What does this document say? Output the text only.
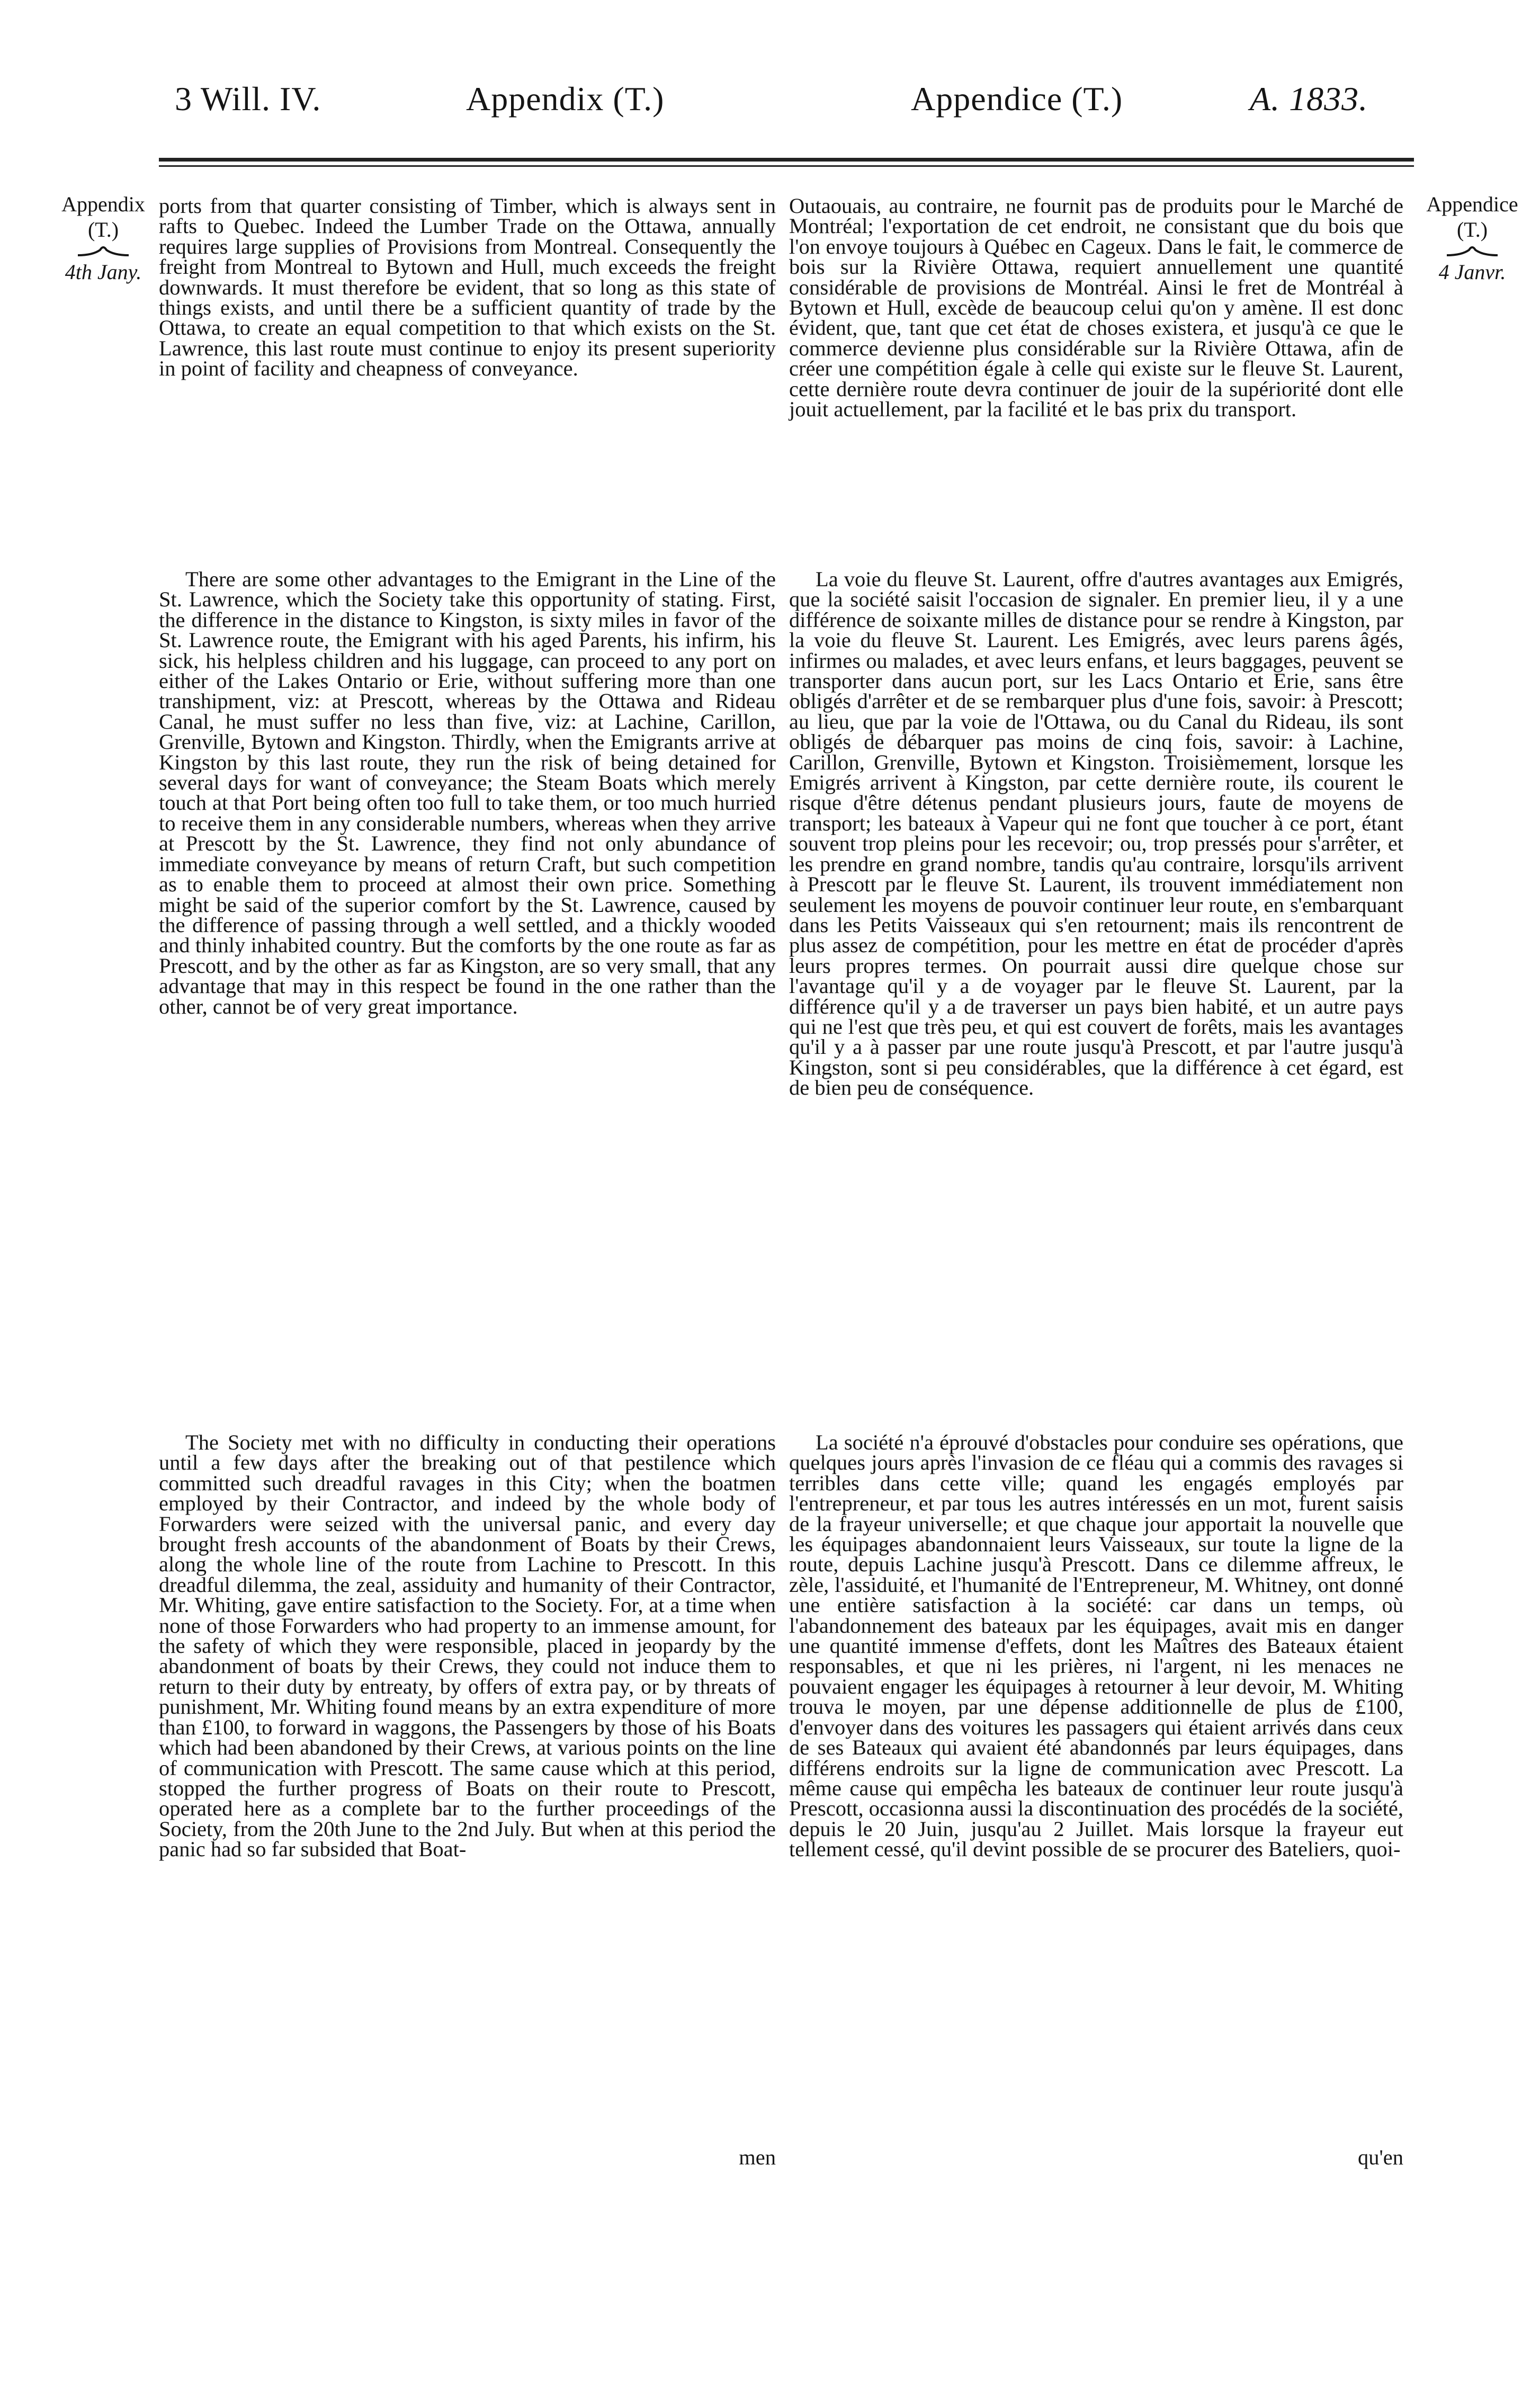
3 Will. IV.	Appendix (T.)	Appendice (T.)	A. 1833.
Appendix
(T.)
4th Jany.
Appendice
(T.)
4 Janvr.

ports from that quarter consisting of Timber, which is always sent in rafts to Quebec. Indeed the Lumber Trade on the Ottawa, annually requires large supplies of Provisions from Montreal. Consequently the freight from Montreal to Bytown and Hull, much exceeds the freight downwards. It must therefore be evident, that so long as this state of things exists, and until there be a sufficient quantity of trade by the Ottawa, to create an equal competition to that which exists on the St. Lawrence, this last route must continue to enjoy its present superiority in point of facility and cheapness of conveyance.

There are some other advantages to the Emigrant in the Line of the St. Lawrence, which the Society take this opportunity of stating. First, the difference in the distance to Kingston, is sixty miles in favor of the St. Lawrence route, the Emigrant with his aged Parents, his infirm, his sick, his helpless children and his luggage, can proceed to any port on either of the Lakes Ontario or Erie, without suffering more than one transhipment, viz: at Prescott, whereas by the Ottawa and Rideau Canal, he must suffer no less than five, viz: at Lachine, Carillon, Grenville, Bytown and Kingston. Thirdly, when the Emigrants arrive at Kingston by this last route, they run the risk of being detained for several days for want of conveyance; the Steam Boats which merely touch at that Port being often too full to take them, or too much hurried to receive them in any considerable numbers, whereas when they arrive at Prescott by the St. Lawrence, they find not only abundance of immediate conveyance by means of return Craft, but such competition as to enable them to proceed at almost their own price. Something might be said of the superior comfort by the St. Lawrence, caused by the difference of passing through a well settled, and a thickly wooded and thinly inhabited country. But the comforts by the one route as far as Prescott, and by the other as far as Kingston, are so very small, that any advantage that may in this respect be found in the one rather than the other, cannot be of very great importance.

The Society met with no difficulty in conducting their operations until a few days after the breaking out of that pestilence which committed such dreadful ravages in this City; when the boatmen employed by their Contractor, and indeed by the whole body of Forwarders were seized with the universal panic, and every day brought fresh accounts of the abandonment of Boats by their Crews, along the whole line of the route from Lachine to Prescott. In this dreadful dilemma, the zeal, assiduity and humanity of their Contractor, Mr. Whiting, gave entire satisfaction to the Society. For, at a time when none of those Forwarders who had property to an immense amount, for the safety of which they were responsible, placed in jeopardy by the abandonment of boats by their Crews, they could not induce them to return to their duty by entreaty, by offers of extra pay, or by threats of punishment, Mr. Whiting found means by an extra expenditure of more than £100, to forward in waggons, the Passengers by those of his Boats which had been abandoned by their Crews, at various points on the line of communication with Prescott. The same cause which at this period, stopped the further progress of Boats on their route to Prescott, operated here as a complete bar to the further proceedings of the Society, from the 20th June to the 2nd July. But when at this period the panic had so far subsided that Boat-

men

Outaouais, au contraire, ne fournit pas de produits pour le Marché de Montréal; l'exportation de cet endroit, ne consistant que du bois que l'on envoye toujours à Québec en Cageux. Dans le fait, le commerce de bois sur la Rivière Ottawa, requiert annuellement une quantité considérable de provisions de Montréal. Ainsi le fret de Montréal à Bytown et Hull, excède de beaucoup celui qu'on y amène. Il est donc évident, que, tant que cet état de choses existera, et jusqu'à ce que le commerce devienne plus considérable sur la Rivière Ottawa, afin de créer une compétition égale à celle qui existe sur le fleuve St. Laurent, cette dernière route devra continuer de jouir de la supériorité dont elle jouit actuellement, par la facilité et le bas prix du transport.

La voie du fleuve St. Laurent, offre d'autres avantages aux Emigrés, que la société saisit l'occasion de signaler. En premier lieu, il y a une différence de soixante milles de distance pour se rendre à Kingston, par la voie du fleuve St. Laurent. Les Emigrés, avec leurs parens âgés, infirmes ou malades, et avec leurs enfans, et leurs baggages, peuvent se transporter dans aucun port, sur les Lacs Ontario et Erie, sans être obligés d'arrêter et de se rembarquer plus d'une fois, savoir: à Prescott; au lieu, que par la voie de l'Ottawa, ou du Canal du Rideau, ils sont obligés de débarquer pas moins de cinq fois, savoir: à Lachine, Carillon, Grenville, Bytown et Kingston. Troisièmement, lorsque les Emigrés arrivent à Kingston, par cette dernière route, ils courent le risque d'être détenus pendant plusieurs jours, faute de moyens de transport; les bateaux à Vapeur qui ne font que toucher à ce port, étant souvent trop pleins pour les recevoir; ou, trop pressés pour s'arrêter, et les prendre en grand nombre, tandis qu'au contraire, lorsqu'ils arrivent à Prescott par le fleuve St. Laurent, ils trouvent immédiatement non seulement les moyens de pouvoir continuer leur route, en s'embarquant dans les Petits Vaisseaux qui s'en retournent; mais ils rencontrent de plus assez de compétition, pour les mettre en état de procéder d'après leurs propres termes. On pourrait aussi dire quelque chose sur l'avantage qu'il y a de voyager par le fleuve St. Laurent, par la différence qu'il y a de traverser un pays bien habité, et un autre pays qui ne l'est que très peu, et qui est couvert de forêts, mais les avantages qu'il y a à passer par une route jusqu'à Prescott, et par l'autre jusqu'à Kingston, sont si peu considérables, que la différence à cet égard, est de bien peu de conséquence.

La société n'a éprouvé d'obstacles pour conduire ses opérations, que quelques jours après l'invasion de ce fléau qui a commis des ravages si terribles dans cette ville; quand les engagés employés par l'entrepreneur, et par tous les autres intéressés en un mot, furent saisis de la frayeur universelle; et que chaque jour apportait la nouvelle que les équipages abandonnaient leurs Vaisseaux, sur toute la ligne de la route, depuis Lachine jusqu'à Prescott. Dans ce dilemme affreux, le zèle, l'assiduité, et l'humanité de l'Entrepreneur, M. Whitney, ont donné une entière satisfaction à la société: car dans un temps, où l'abandonnement des bateaux par les équipages, avait mis en danger une quantité immense d'effets, dont les Maîtres des Bateaux étaient responsables, et que ni les prières, ni l'argent, ni les menaces ne pouvaient engager les équipages à retourner à leur devoir, M. Whiting trouva le moyen, par une dépense additionnelle de plus de £100, d'envoyer dans des voitures les passagers qui étaient arrivés dans ceux de ses Bateaux qui avaient été abandonnés par leurs équipages, dans différens endroits sur la ligne de communication avec Prescott. La même cause qui empêcha les bateaux de continuer leur route jusqu'à Prescott, occasionna aussi la discontinuation des procédés de la société, depuis le 20 Juin, jusqu'au 2 Juillet. Mais lorsque la frayeur eut tellement cessé, qu'il devint possible de se procurer des Bateliers, quoi-

qu'en
